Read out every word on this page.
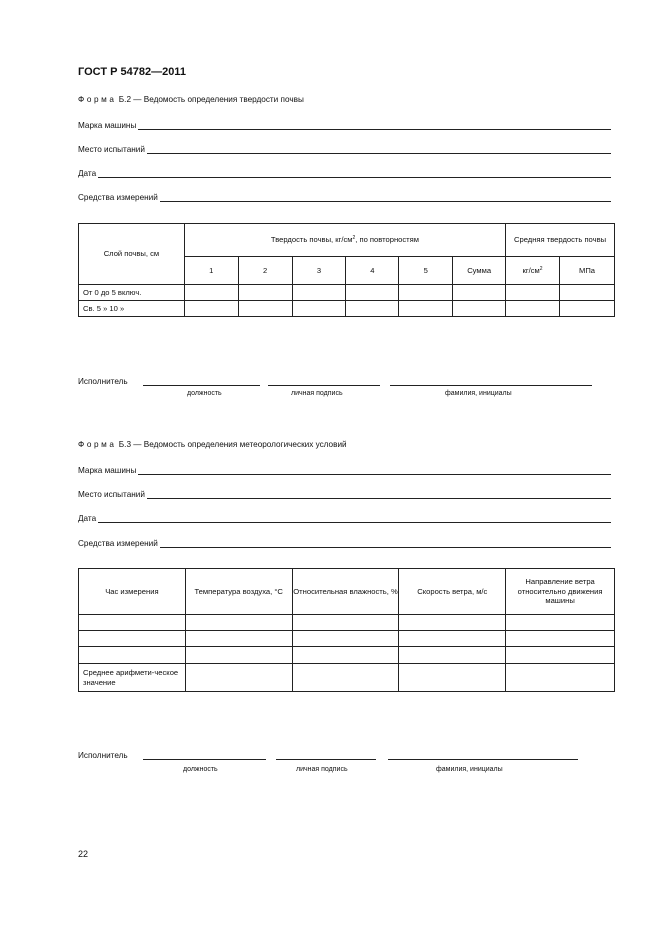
ГОСТ Р 54782—2011
Форма Б.2 — Ведомость определения твердости почвы
Марка машины
Место испытаний
Дата
Средства измерений
Слой почвы, см	Твердость почвы, $кг/см^2$, по повторностям						Средняя твердость почвы	
	1	2	3	4	5	Сумма	$кг/см^2$	МПа
От 0 до 5 включ.								
Св. 5 » 10 »								
Исполнитель
должность	личная подпись	фамилия, инициалы
Форма Б.3 — Ведомость определения метеорологических условий
Марка машины
Место испытаний
Дата
Средства измерений
Час измерения	Температура воздуха, °С	Относительная влажность, %	Скорость ветра, м/с	Направление ветра относительно движения машины

Среднее арифмети-ческое значение				
Исполнитель
должность	личная подпись	фамилия, инициалы
22
